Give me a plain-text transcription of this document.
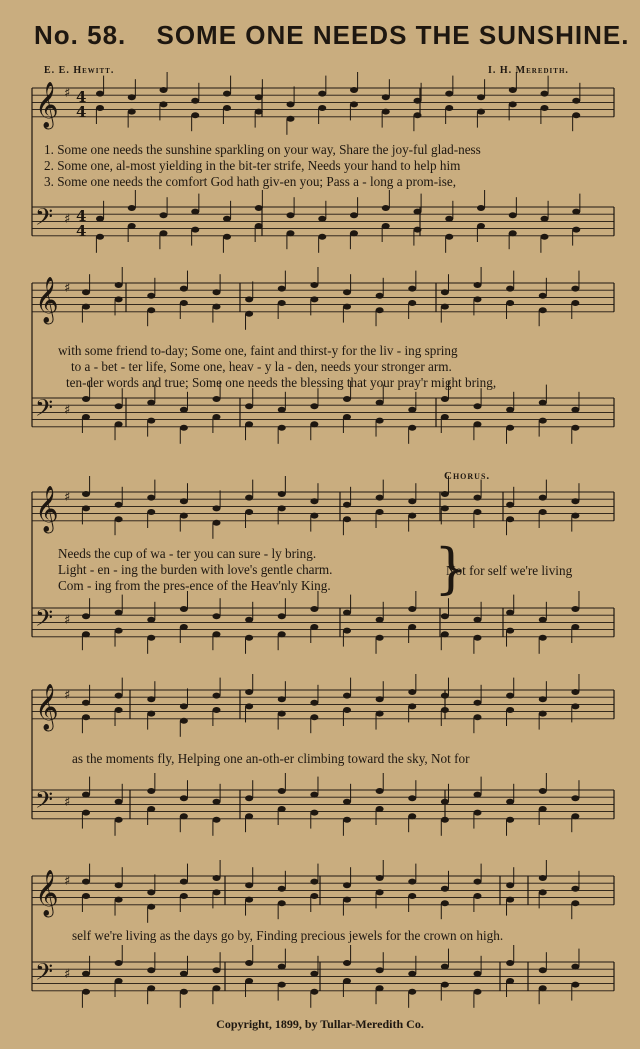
No. 58. SOME ONE NEEDS THE SUNSHINE.
E. E. Hewitt.	I. H. Meredith.
𝄞 ♯ 4
4
𝄢 ♯ 4
4
𝄞 ♯
𝄢 ♯
𝄞 ♯
𝄢 ♯
𝄞 ♯
𝄢 ♯
𝄞 ♯
𝄢 ♯
1. Some one needs the sunshine sparkling on your way, Share the joy-ful glad-ness
2. Some one, al-most yielding in the bit-ter strife, Needs your hand to help him
3. Some one needs the comfort God hath giv-en you; Pass a - long a prom-ise,
with some friend to-day; Some one, faint and thirst-y for the liv - ing spring
to a - bet - ter life, Some one, heav - y la - den, needs your stronger arm.
ten-der words and true; Some one needs the blessing that your pray'r might bring,
Chorus.
Needs the cup of wa - ter you can sure - ly bring.
Light - en - ing the burden with love's gentle charm.
Com - ing from the pres-ence of the Heav'nly King. }
Not for self we're living
as the moments fly, Helping one an-oth-er climbing toward the sky, Not for
self we're living as the days go by, Finding precious jewels for the crown on high.
Copyright, 1899, by Tullar-Meredith Co.
